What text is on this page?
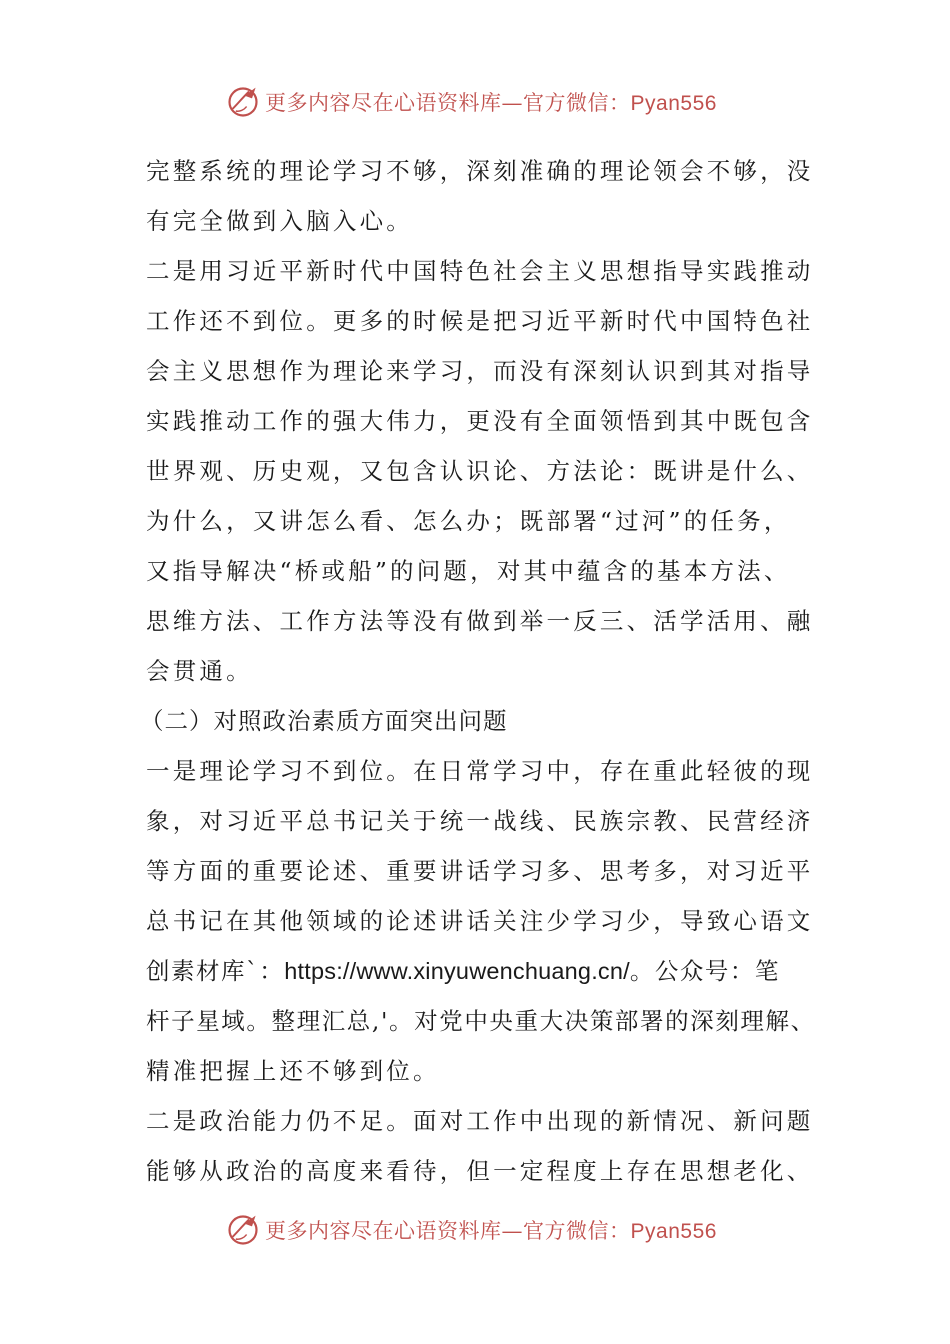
更多内容尽在心语资料库—官方微信：Pyan556
完整系统的理论学习不够，深刻准确的理论领会不够，没
有完全做到入脑入心。
二是用习近平新时代中国特色社会主义思想指导实践推动
工作还不到位。更多的时候是把习近平新时代中国特色社
会主义思想作为理论来学习，而没有深刻认识到其对指导
实践推动工作的强大伟力，更没有全面领悟到其中既包含
世界观、历史观，又包含认识论、方法论：既讲是什么、
为什么，又讲怎么看、怎么办；既部署“过河”的任务，
又指导解决“桥或船”的问题，对其中蕴含的基本方法、
思维方法、工作方法等没有做到举一反三、活学活用、融
会贯通。
（二）对照政治素质方面突出问题
一是理论学习不到位。在日常学习中，存在重此轻彼的现
象，对习近平总书记关于统一战线、民族宗教、民营经济
等方面的重要论述、重要讲话学习多、思考多，对习近平
总书记在其他领域的论述讲话关注少学习少，导致心语文
创素材库`：https://www.xinyuwenchuang.cn/。公众号：笔
杆子星域。整理汇总,'。对党中央重大决策部署的深刻理解、
精准把握上还不够到位。
二是政治能力仍不足。面对工作中出现的新情况、新问题
能够从政治的高度来看待，但一定程度上存在思想老化、
更多内容尽在心语资料库—官方微信：Pyan556
